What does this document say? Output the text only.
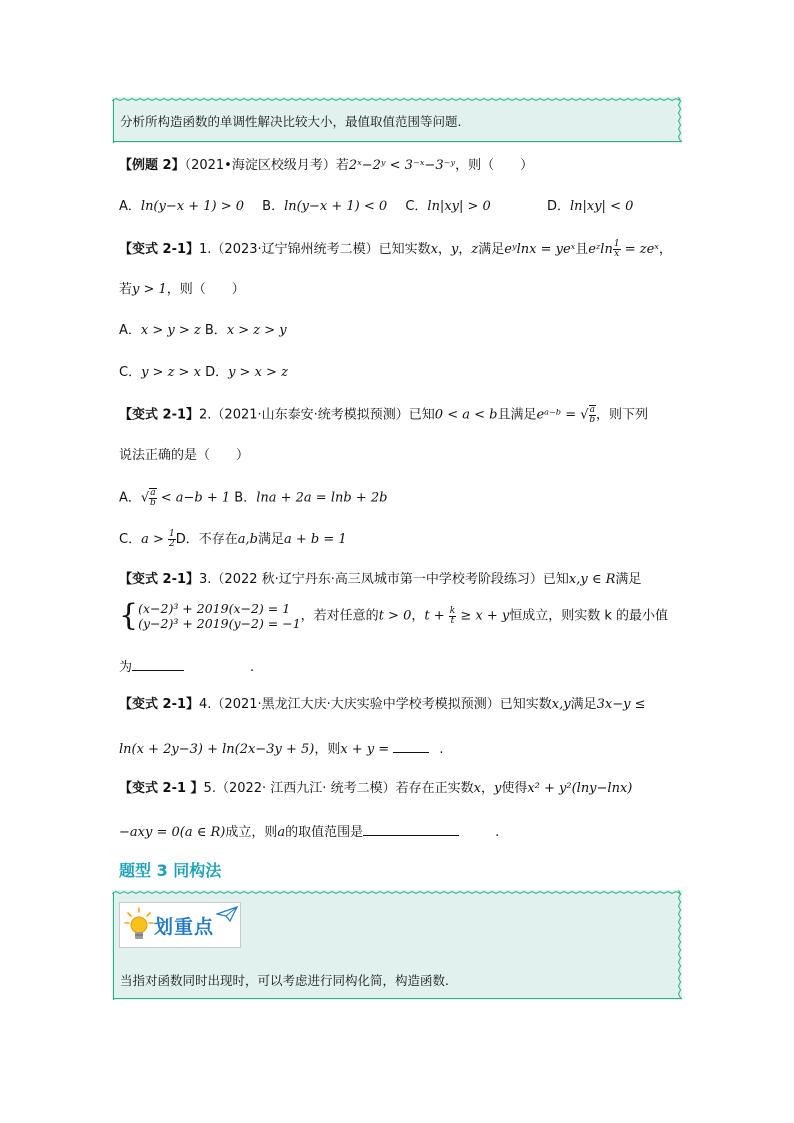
分析所构造函数的单调性解决比较大小，最值取值范围等问题.
【例题 2】（2021•海淀区校级月考）若2ˣ−2ʸ < 3⁻ˣ−3⁻ʸ，则（　　）
A．ln(y−x + 1) > 0 B．ln(y−x + 1) < 0 C．ln|xy| > 0	D．ln|xy| < 0
【变式 2-1】1.（2023·辽宁锦州统考二模）已知实数x，y，z满足eʸlnx = yeˣ且eᶻln $\frac{1}{x}$ = zeˣ，
若y > 1，则（　　）
A．x > y > z B．x > z > y
C．y > z > x D．y > x > z
【变式 2-1】2.（2021·山东泰安·统考模拟预测）已知0 < a < b且满足eᵃ⁻ᵇ = √ $\frac{a}{b}$ ，则下列
说法正确的是（　　）
A．√ $\frac{a}{b} < a-b + 1$ B．lna + 2a = lnb + 2b
C．$a > \frac{1}{2}$ D．不存在a,b满足a + b = 1
【变式 2-1】3.（2022 秋·辽宁丹东·高三凤城市第一中学校考阶段练习）已知x,y ∈ R满足
{ (x−2)³ + 2019(x−2) = 1
(y−2)³ + 2019(y−2) = −1 ，若对任意的t > 0，$t + \frac{k}{t} \ge x + y$恒成立，则实数 k 的最小值
为	.
【变式 2-1】4.（2021·黑龙江大庆·大庆实验中学校考模拟预测）已知实数x,y满足3x−y ≤
ln(x + 2y−3) + ln(2x−3y + 5)，则x + y =	.
【变式 2-1 】5.（2022· 江西九江· 统考二模）若存在正实数x，y使得x² + y²(lny−lnx)
−axy = 0(a ∈ R)成立，则a的取值范围是	.
题型 3 同构法
划重点
当指对函数同时出现时，可以考虑进行同构化简，构造函数.
